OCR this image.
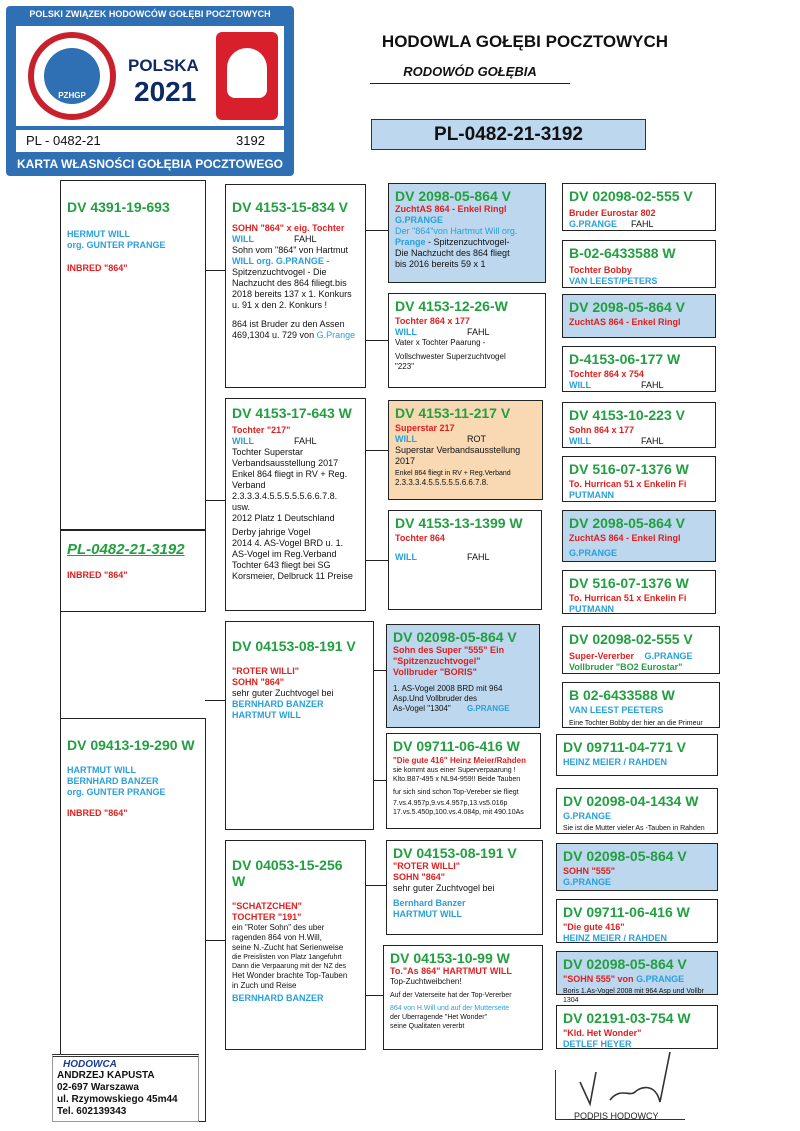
POLSKI ZWIĄZEK HODOWCÓW GOŁĘBI POCZTOWYCH
PZHGP
POLSKA
2021
PL - 0482-21	3192
KARTA WŁASNOŚCI GOŁĘBIA POCZTOWEGO
HODOWLA GOŁĘBI POCZTOWYCH
RODOWÓD GOŁĘBIA
PL-0482-21-3192
DV 4391-19-693
HERMUT WILL
org. GUNTER PRANGE
INBRED "864"
PL-0482-21-3192
INBRED "864"
DV 09413-19-290 W
HARTMUT WILL
BERNHARD BANZER
org. GUNTER PRANGE
INBRED "864"
DV 4153-15-834 V
SOHN "864" x eig. Tochter
WILL	FAHL
Sohn vom "864" von Hartmut
WILL org. G.PRANGE -
Spitzenzuchtvogel - Die
Nachzucht des 864 filiegt.bis
2018 bereits 137 x 1. Konkurs
u. 91 x den 2. Konkurs !
864 ist Bruder zu den Assen
469,1304 u. 729 von G.Prange
DV 4153-17-643 W
Tochter "217"
WILL	FAHL
Tochter Superstar
Verbandsausstellung 2017
Enkel 864 fliegt in RV + Reg.
Verband
2.3.3.3.4.5.5.5.5.5.6.6.7.8.
usw.
2012 Platz 1 Deutschland
Derby jahrige Vogel
2014 4. AS-Vogel BRD u. 1.
AS-Vogel im Reg.Verband
Tochter 643 fliegt bei SG
Korsmeier, Delbruck 11 Preise
DV 04153-08-191 V
"ROTER WILLI"
SOHN "864"
sehr guter Zuchtvogel bei
BERNHARD BANZER
HARTMUT WILL
DV 04053-15-256 W
"SCHATZCHEN"
TOCHTER "191"
ein "Roter Sohn" des uber
ragenden 864 von H.Will,
seine N.-Zucht hat Serienweise
die Preislisten von Platz 1angefuhrt
Dann die Verpaarung mit der NZ des
Het Wonder brachte Top-Tauben
in Zuch und Reise
BERNHARD BANZER
DV 2098-05-864 V
ZuchtAS 864 - Enkel Ringl
G.PRANGE
Der "864"von Hartmut Will org.
Prange - Spitzenzuchtvogel-
Die Nachzucht des 864 fliegt
bis 2016 bereits 59 x 1
DV 4153-12-26-W
Tochter 864 x 177
WILL	FAHL
Vater x Tochter Paarung -
Vollschwester Superzuchtvogel
"223"
DV 4153-11-217 V
Superstar 217
WILL	ROT
Superstar Verbandsausstellung
2017
Enkel 864 fliegt in RV + Reg.Verband
2.3.3.3.4.5.5.5.5.5.6.6.7.8.
DV 4153-13-1399 W
Tochter 864
WILL	FAHL
DV 02098-05-864 V
Sohn des Super "555" Ein
"Spitzenzuchtvogel"
Vollbruder "BORIS"
1. AS-Vogel 2008 BRD mit 964
Asp.Und Vollbruder des
As-Vogel "1304" G.PRANGE
DV 09711-06-416 W
"Die gute 416" Heinz Meier/Rahden
sie kommt aus einer Superverpaarung !
Klto.B87-495 x NL94-959!! Beide Tauben
fur sich sind schon Top-Vereber sie fliegt
7.vs.4.957p,9.vs.4.957p,13.vs5.016p
17.vs.5.450p,100.vs.4.084p, mit 490.10As
DV 04153-08-191 V
"ROTER WILLI"
SOHN "864"
sehr guter Zuchtvogel bei
Bernhard Banzer
HARTMUT WILL
DV 04153-10-99 W
To."As 864" HARTMUT WILL
Top-Zuchtweibchen!
Auf der Vaterseite hat der Top-Vererber
864 von H.Will und auf der Mutterseite
der Uberragende "Het Wonder"
seine Qualitaten vererbt
DV 02098-02-555 V
Bruder Eurostar 802
G.PRANGE FAHL
B-02-6433588 W
Tochter Bobby
VAN LEEST/PETERS
DV 2098-05-864 V
ZuchtAS 864 - Enkel Ringl
D-4153-06-177 W
Tochter 864 x 754
WILL	FAHL
DV 4153-10-223 V
Sohn 864 x 177
WILL	FAHL
DV 516-07-1376 W
To. Hurrican 51 x Enkelin Fi
PUTMANN
DV 2098-05-864 V
ZuchtAS 864 - Enkel Ringl
G.PRANGE
DV 516-07-1376 W
To. Hurrican 51 x Enkelin Fi
PUTMANN
DV 02098-02-555 V
Super-Vererber G.PRANGE
Vollbruder "BO2 Eurostar"
B 02-6433588 W
VAN LEEST PEETERS
Eine Tochter Bobby der hier an die Primeur
DV 09711-04-771 V
HEINZ MEIER / RAHDEN
DV 02098-04-1434 W
G.PRANGE
Sie ist die Mutter vieler As -Tauben in Rahden
DV 02098-05-864 V
SOHN "555"
G.PRANGE
DV 09711-06-416 W
"Die gute 416"
HEINZ MEIER / RAHDEN
DV 02098-05-864 V
"SOHN 555" von G.PRANGE
Boris 1.As-Vogel 2008 mit 964 Asp und Vollbr 1304
DV 02191-03-754 W
"Kld. Het Wonder"
DETLEF HEYER
HODOWCA
ANDRZEJ KAPUSTA
02-697 Warszawa
ul. Rzymowskiego 45m44
Tel. 602139343	PODPIS HODOWCY
